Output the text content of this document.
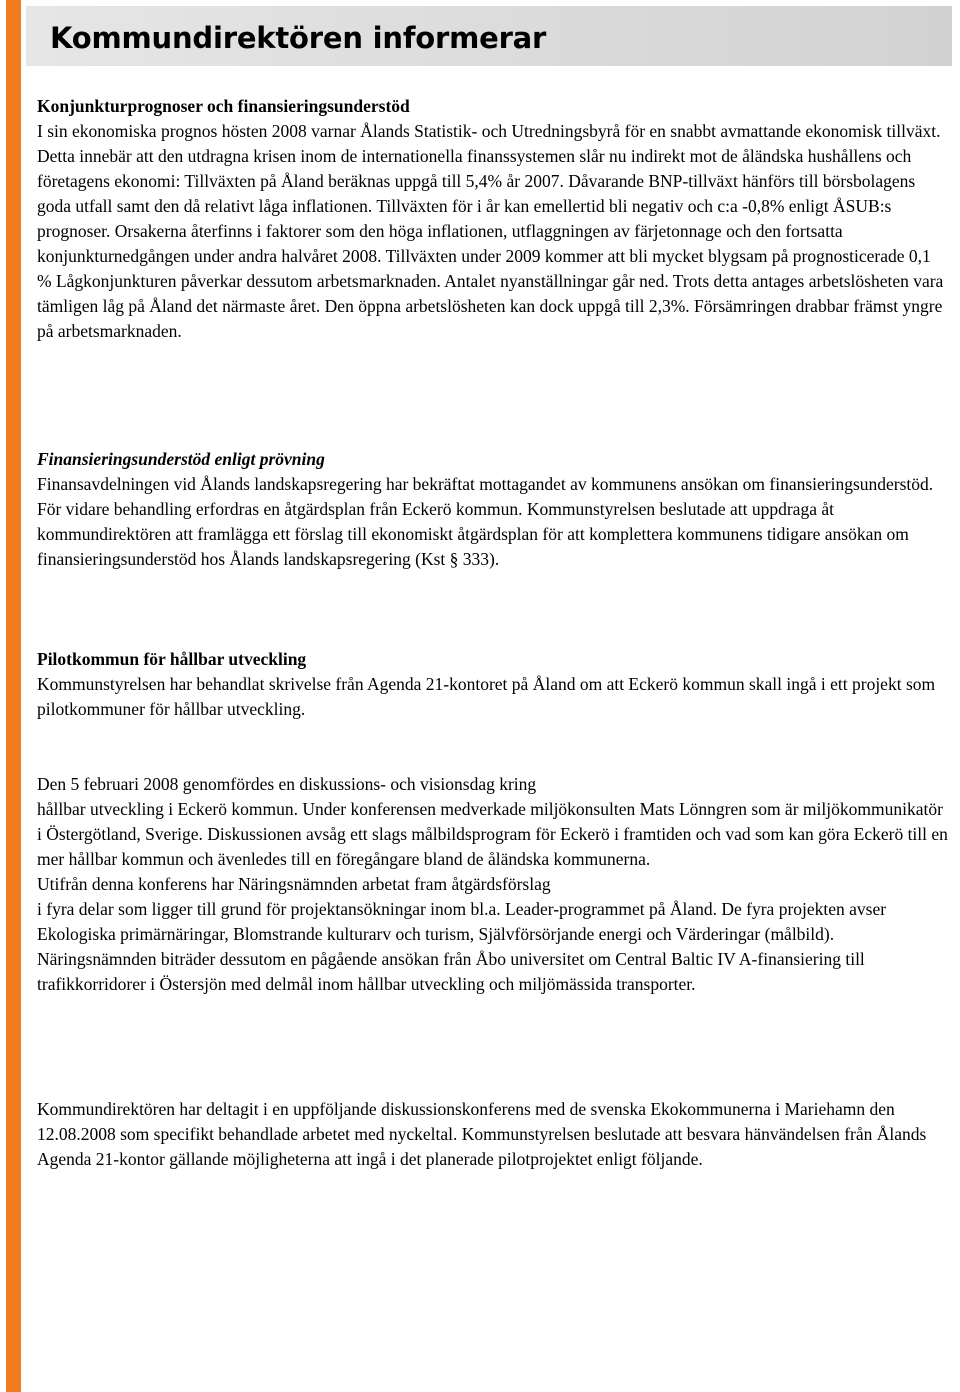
Kommundirektören informerar
Konjunkturprognoser och finansieringsunderstöd

I sin ekonomiska prognos hösten 2008 varnar Ålands Statistik- och Utredningsbyrå för en snabbt avmattande ekonomisk tillväxt. Detta innebär att den utdragna krisen inom de internationella finanssystemen slår nu indirekt mot de åländska hushållens och företagens ekonomi: Tillväxten på Åland beräknas uppgå till 5,4% år 2007. Dåvarande BNP-tillväxt hänförs till börsbolagens goda utfall samt den då relativt låga inflationen. Tillväxten för i år kan emellertid bli negativ och c:a -0,8% enligt ÅSUB:s prognoser. Orsakerna återfinns i faktorer som den höga inflationen, utflaggningen av färjetonnage och den fortsatta konjunkturnedgången under andra halvåret 2008. Tillväxten under 2009 kommer att bli mycket blygsam på prognosticerade 0,1 % Lågkonjunkturen påverkar dessutom arbetsmarknaden. Antalet nyanställningar går ned. Trots detta antages arbetslösheten vara tämligen låg på Åland det närmaste året. Den öppna arbetslösheten kan dock uppgå till 2,3%. Försämringen drabbar främst yngre på arbetsmarknaden.

Finansieringsunderstöd enligt prövning

Finansavdelningen vid Ålands landskapsregering har bekräftat mottagandet av kommunens ansökan om finansieringsunderstöd. För vidare behandling erfordras en åtgärdsplan från Eckerö kommun. Kommunstyrelsen beslutade att uppdraga åt kommundirektören att framlägga ett förslag till ekonomiskt åtgärdsplan för att komplettera kommunens tidigare ansökan om finansieringsunderstöd hos Ålands landskapsregering (Kst § 333).

Pilotkommun för hållbar utveckling

Kommunstyrelsen har behandlat skrivelse från Agenda 21-kontoret på Åland om att Eckerö kommun skall ingå i ett projekt som pilotkommuner för hållbar utveckling.

Den 5 februari 2008 genomfördes en diskussions- och visionsdag kring

hållbar utveckling i Eckerö kommun. Under konferensen medverkade miljökonsulten Mats Lönngren som är miljökommunikatör i Östergötland, Sverige. Diskussionen avsåg ett slags målbildsprogram för Eckerö i framtiden och vad som kan göra Eckerö till en mer hållbar kommun och ävenledes till en föregångare bland de åländska kommunerna.

Utifrån denna konferens har Näringsnämnden arbetat fram åtgärdsförslag

i fyra delar som ligger till grund för projektansökningar inom bl.a. Leader-programmet på Åland. De fyra projekten avser Ekologiska primärnäringar, Blomstrande kulturarv och turism, Självförsörjande energi och Värderingar (målbild). Näringsnämnden biträder dessutom en pågående ansökan från Åbo universitet om Central Baltic IV A-finansiering till trafikkorridorer i Östersjön med delmål inom hållbar utveckling och miljömässida transporter.

Kommundirektören har deltagit i en uppföljande diskussionskonferens med de svenska Ekokommunerna i Mariehamn den 12.08.2008 som specifikt behandlade arbetet med nyckeltal. Kommunstyrelsen beslutade att besvara hänvändelsen från Ålands Agenda 21-kontor gällande möjligheterna att ingå i det planerade pilotprojektet enligt följande.
